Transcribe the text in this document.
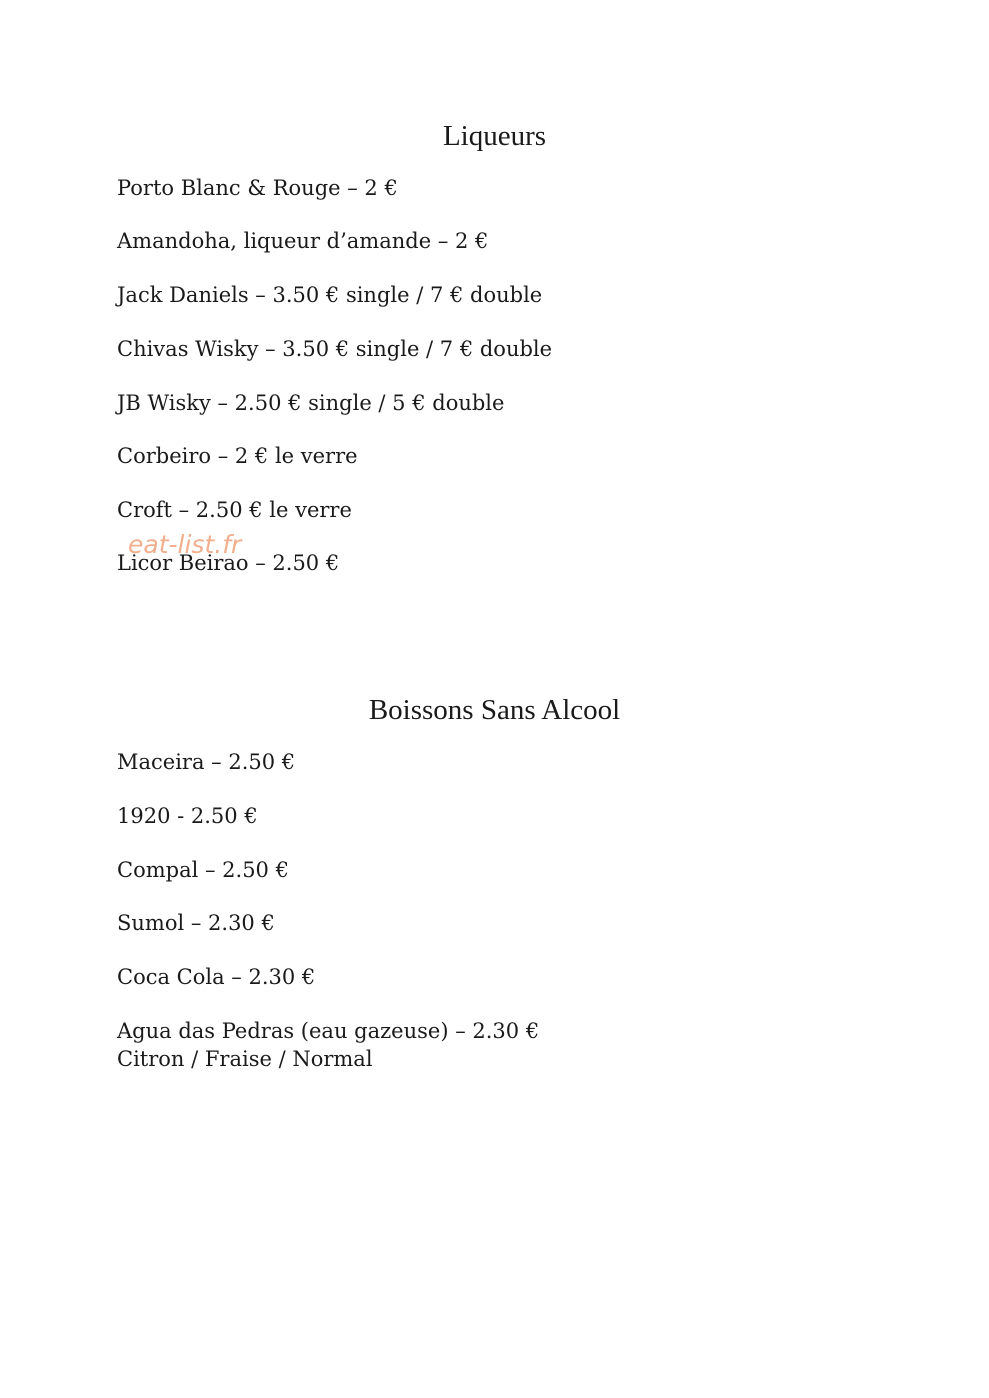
Liqueurs

Porto Blanc & Rouge – 2 €

Amandoha, liqueur d’amande – 2 €

Jack Daniels – 3.50 € single / 7 € double

Chivas Wisky – 3.50 € single / 7 € double

JB Wisky – 2.50 € single / 5 € double

Corbeiro – 2 € le verre

Croft – 2.50 € le verre

Licor Beirao – 2.50 €

eat-list.fr
Boissons Sans Alcool

Maceira – 2.50 €

1920 - 2.50 €

Compal – 2.50 €

Sumol – 2.30 €

Coca Cola – 2.30 €

Agua das Pedras (eau gazeuse) – 2.30 €
Citron / Fraise / Normal
